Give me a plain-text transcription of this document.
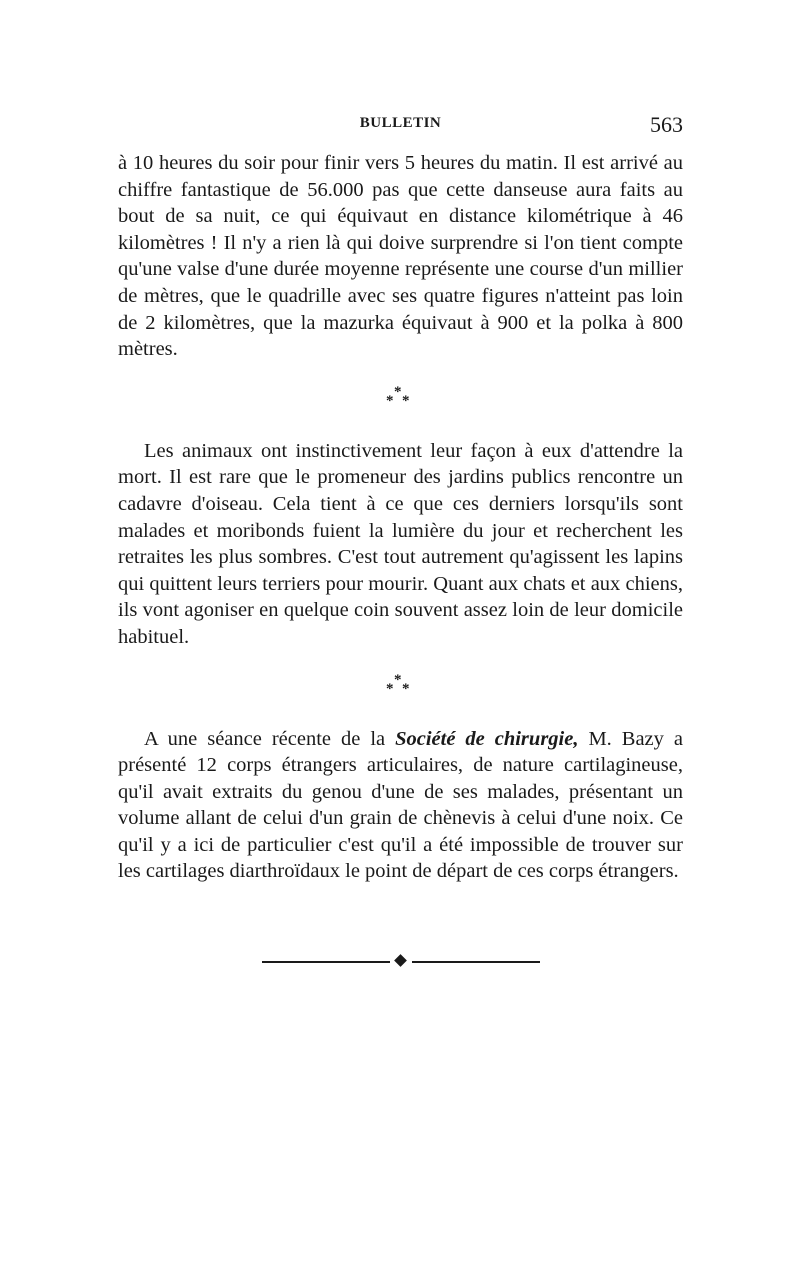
BULLETIN	563

à 10 heures du soir pour finir vers 5 heures du matin. Il est arrivé au chiffre fantastique de 56.000 pas que cette danseuse aura faits au bout de sa nuit, ce qui équivaut en distance kilométrique à 46 kilomètres ! Il n'y a rien là qui doive surprendre si l'on tient compte qu'une valse d'une durée moyenne représente une course d'un millier de mètres, que le quadrille avec ses quatre figures n'atteint pas loin de 2 kilomètres, que la mazurka équivaut à 900 et la polka à 800 mètres.

*
* *

Les animaux ont instinctivement leur façon à eux d'attendre la mort. Il est rare que le promeneur des jardins publics rencontre un cadavre d'oiseau. Cela tient à ce que ces derniers lorsqu'ils sont malades et moribonds fuient la lumière du jour et recherchent les retraites les plus sombres. C'est tout autrement qu'agissent les lapins qui quittent leurs terriers pour mourir. Quant aux chats et aux chiens, ils vont agoniser en quelque coin souvent assez loin de leur domicile habituel.

*
* *

A une séance récente de la Société de chirurgie, M. Bazy a présenté 12 corps étrangers articulaires, de nature cartilagineuse, qu'il avait extraits du genou d'une de ses malades, présentant un volume allant de celui d'un grain de chènevis à celui d'une noix. Ce qu'il y a ici de particulier c'est qu'il a été impossible de trouver sur les cartilages diarthroïdaux le point de départ de ces corps étrangers.
